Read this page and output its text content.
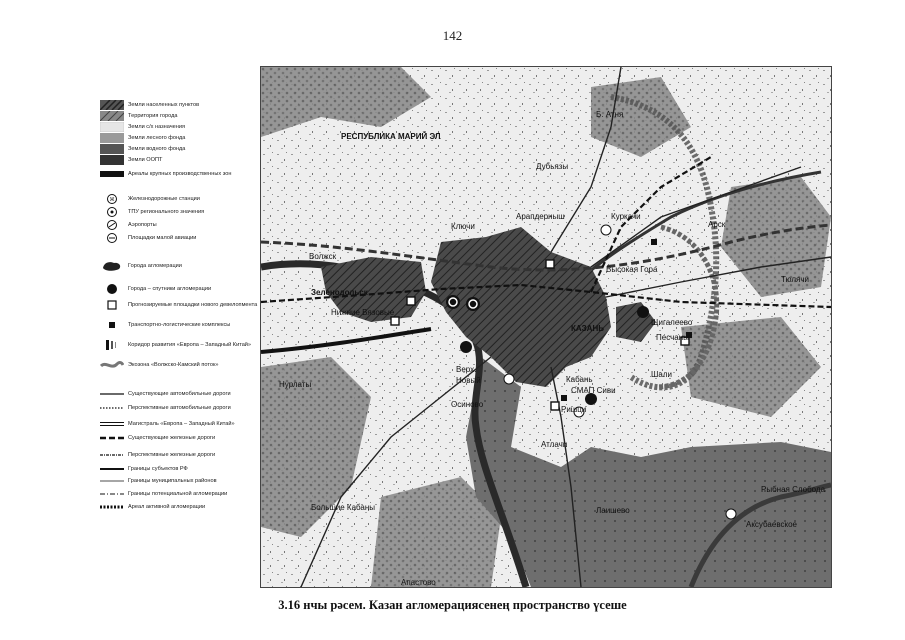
142
Земли населенных пунктов
Территория города
Земли с/х назначения
Земли лесного фонда
Земли водного фонда
Земли ООПТ
Ареалы крупных производственных зон
Ж Железнодорожные станции
ТПУ регионального значения
Аэропорты
Площадки малой авиации
Города агломерации
Города – спутники агломерации
Прогнозируемые площадки нового девелопмента
Транспортно-логистические комплексы
Коридор развития «Европа – Западный Китай»
Экозона «Волжско-Камский поток»
Существующие автомобильные дороги
Перспективные автомобильные дороги
Магистраль «Европа – Западный Китай»
Существующие железные дороги
Перспективные железные дороги
Границы субъектов РФ
Границы муниципальных районов
Границы потенциальной агломерации
Ареал активной агломерации
РЕСПУБЛИКА МАРИЙ ЭЛ
Б. Атня
Дубьязы
Арск
Куркачи
Арапдерныш
Ключи
Высокая Гора
Тюлячи
Волжск
Зеленодольск
Нижние Вязовые
КАЗАНЬ
Щигалеево
Песчаны
Шали
Кабань
СМАП Сиви
Нурлаты
Верх.
Новый
Осиново
Ришци
Атлачи
Большие Кабаны	Лаишево
Апастово
Рыбная Слобода
Аксубаевское
3.16 нчы рәсем. Казан агломерациясенең пространство үсеше
